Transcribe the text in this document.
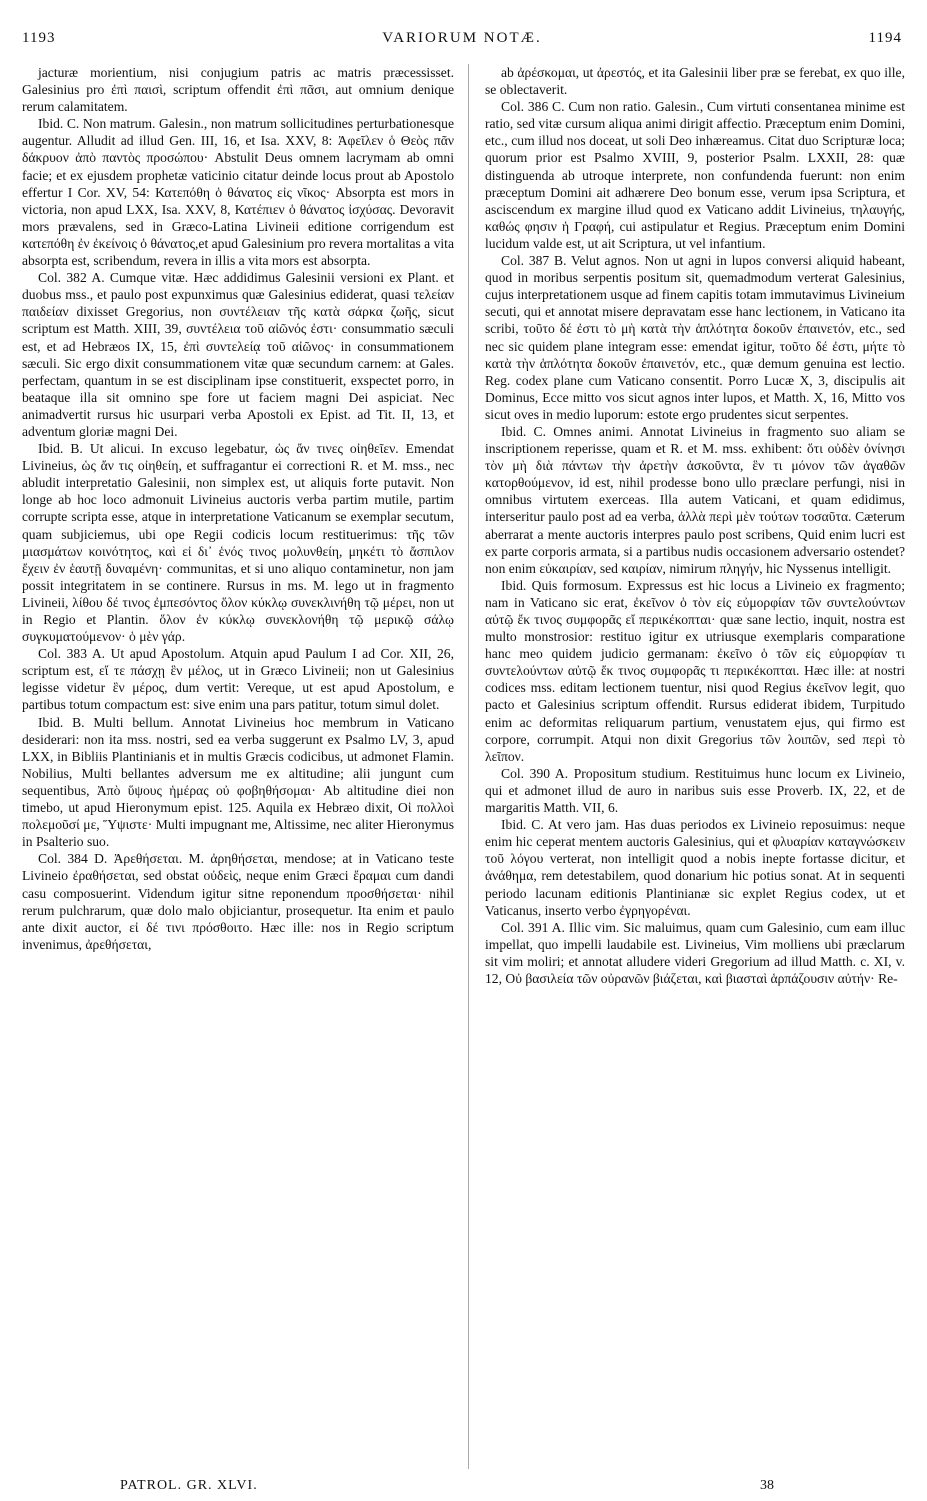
1193	VARIORUM NOTÆ.	1194

jacturæ morientium, nisi conjugium patris ac matris præcessisset. Galesinius pro ἐπὶ παισὶ, scriptum offendit ἐπὶ πᾶσι, aut omnium denique rerum calamitatem.

Ibid. C. Non matrum. Galesin., non matrum sollicitudines perturbationesque augentur. Alludit ad illud Gen. III, 16, et Isa. XXV, 8: Ἀφεῖλεν ὁ Θεὸς πᾶν δάκρυον ἀπὸ παντὸς προσώπου· Abstulit Deus omnem lacrymam ab omni facie; et ex ejusdem prophetæ vaticinio citatur deinde locus prout ab Apostolo effertur I Cor. XV, 54: Κατεπόθη ὁ θάνατος εἰς νῖκος· Absorpta est mors in victoria, non apud LXX, Isa. XXV, 8, Κατέπιεν ὁ θάνατος ἰσχύσας. Devoravit mors prævalens, sed in Græco-Latina Livineii editione corrigendum est κατεπόθη ἐν ἐκείνοις ὁ θάνατος,et apud Galesinium pro revera mortalitas a vita absorpta est, scribendum, revera in illis a vita mors est absorpta.

Col. 382 A. Cumque vitæ. Hæc addidimus Galesinii versioni ex Plant. et duobus mss., et paulo post expunximus quæ Galesinius ediderat, quasi τελείαν παιδείαν dixisset Gregorius, non συντέλειαν τῆς κατὰ σάρκα ζωῆς, sicut scriptum est Matth. XIII, 39, συντέλεια τοῦ αἰῶνός ἐστι· consummatio sæculi est, et ad Hebræos IX, 15, ἐπὶ συντελείᾳ τοῦ αἰῶνος· in consummationem sæculi. Sic ergo dixit consummationem vitæ quæ secundum carnem: at Gales. perfectam, quantum in se est disciplinam ipse constituerit, exspectet porro, in beataque illa sit omnino spe fore ut faciem magni Dei aspiciat. Nec animadvertit rursus hic usurpari verba Apostoli ex Epist. ad Tit. II, 13, et adventum gloriæ magni Dei.

Ibid. B. Ut alicui. In excuso legebatur, ὡς ἄν τινες οἰηθεῖεν. Emendat Livineius, ὡς ἄν τις οἰηθείη, et suffragantur ei correctioni R. et M. mss., nec abludit interpretatio Galesinii, non simplex est, ut aliquis forte putavit. Non longe ab hoc loco admonuit Livineius auctoris verba partim mutile, partim corrupte scripta esse, atque in interpretatione Vaticanum se exemplar secutum, quam subjiciemus, ubi ope Regii codicis locum restituerimus: τῆς τῶν μιασμάτων κοινότητος, καὶ εἰ δι᾽ ἑνός τινος μολυνθείη, μηκέτι τὸ ἄσπιλον ἔχειν ἐν ἑαυτῇ δυναμένη· communitas, et si uno aliquo contaminetur, non jam possit integritatem in se continere. Rursus in ms. M. lego ut in fragmento Livineii, λίθου δέ τινος ἐμπεσόντος ὅλον κύκλῳ συνεκλινήθη τῷ μέρει, non ut in Regio et Plantin. ὅλον ἐν κύκλῳ συνεκλονήθη τῷ μερικῷ σάλῳ συγκυματούμενον· ὁ μὲν γάρ.

Col. 383 A. Ut apud Apostolum. Atquin apud Paulum I ad Cor. XII, 26, scriptum est, εἴ τε πάσχῃ ἓν μέλος, ut in Græco Livineii; non ut Galesinius legisse videtur ἓν μέρος, dum vertit: Vereque, ut est apud Apostolum, e partibus totum compactum est: sive enim una pars patitur, totum simul dolet.

Ibid. B. Multi bellum. Annotat Livineius hoc membrum in Vaticano desiderari: non ita mss. nostri, sed ea verba suggerunt ex Psalmo LV, 3, apud LXX, in Bibliis Plantinianis et in multis Græcis codicibus, ut admonet Flamin. Nobilius, Multi bellantes adversum me ex altitudine; alii jungunt cum sequentibus, Ἀπὸ ὕψους ἡμέρας οὐ φοβηθήσομαι· Ab altitudine diei non timebo, ut apud Hieronymum epist. 125. Aquila ex Hebræo dixit, Οἱ πολλοὶ πολεμοῦσί με, Ὕψιστε· Multi impugnant me, Altissime, nec aliter Hieronymus in Psalterio suo.

Col. 384 D. Ἀρεθήσεται. M. ἀρηθήσεται, mendose; at in Vaticano teste Livineio ἐραθήσεται, sed obstat οὐδεὶς, neque enim Græci ἔραμαι cum dandi casu composuerint. Videndum igitur sitne reponendum προσθήσεται· nihil rerum pulchrarum, quæ dolo malo objiciantur, prosequetur. Ita enim et paulo ante dixit auctor, εἰ δέ τινι πρόσθοιτο. Hæc ille: nos in Regio scriptum invenimus, ἀρεθήσεται,

ab ἀρέσκομαι, ut ἀρεστός, et ita Galesinii liber præ se ferebat, ex quo ille, se oblectaverit.

Col. 386 C. Cum non ratio. Galesin., Cum virtuti consentanea minime est ratio, sed vitæ cursum aliqua animi dirigit affectio. Præceptum enim Domini, etc., cum illud nos doceat, ut soli Deo inhæreamus. Citat duo Scripturæ loca; quorum prior est Psalmo XVIII, 9, posterior Psalm. LXXII, 28: quæ distinguenda ab utroque interprete, non confundenda fuerunt: non enim præceptum Domini ait adhærere Deo bonum esse, verum ipsa Scriptura, et asciscendum ex margine illud quod ex Vaticano addit Livineius, τηλαυγής, καθώς φησιν ἡ Γραφή, cui astipulatur et Regius. Præceptum enim Domini lucidum valde est, ut ait Scriptura, ut vel infantium.

Col. 387 B. Velut agnos. Non ut agni in lupos conversi aliquid habeant, quod in moribus serpentis positum sit, quemadmodum verterat Galesinius, cujus interpretationem usque ad finem capitis totam immutavimus Livineium secuti, qui et annotat misere depravatam esse hanc lectionem, in Vaticano ita scribi, τοῦτο δέ ἐστι τὸ μὴ κατὰ τὴν ἁπλότητα δοκοῦν ἐπαινετόν, etc., sed nec sic quidem plane integram esse: emendat igitur, τοῦτο δέ ἐστι, μήτε τὸ κατὰ τὴν ἁπλότητα δοκοῦν ἐπαινετόν, etc., quæ demum genuina est lectio. Reg. codex plane cum Vaticano consentit. Porro Lucæ X, 3, discipulis ait Dominus, Ecce mitto vos sicut agnos inter lupos, et Matth. X, 16, Mitto vos sicut oves in medio luporum: estote ergo prudentes sicut serpentes.

Ibid. C. Omnes animi. Annotat Livineius in fragmento suo aliam se inscriptionem reperisse, quam et R. et M. mss. exhibent: ὅτι οὐδὲν ὀνίνησι τὸν μὴ διὰ πάντων τὴν ἀρετὴν ἀσκοῦντα, ἓν τι μόνον τῶν ἀγαθῶν κατορθούμενον, id est, nihil prodesse bono ullo præclare perfungi, nisi in omnibus virtutem exerceas. Illa autem Vaticani, et quam edidimus, interseritur paulo post ad ea verba, ἀλλὰ περὶ μὲν τούτων τοσαῦτα. Cæterum aberrarat a mente auctoris interpres paulo post scribens, Quid enim lucri est ex parte corporis armata, si a partibus nudis occasionem adversario ostendet? non enim εὐκαιρίαν, sed καιρίαν, nimirum πληγήν, hic Nyssenus intelligit.

Ibid. Quis formosum. Expressus est hic locus a Livineio ex fragmento; nam in Vaticano sic erat, ἐκεῖνον ὁ τὸν εἰς εὐμορφίαν τῶν συντελούντων αὐτῷ ἔκ τινος συμφορᾶς εἴ περικέκοπται· quæ sane lectio, inquit, nostra est multo monstrosior: restituo igitur ex utriusque exemplaris comparatione hanc meo quidem judicio germanam: ἐκεῖνο ὁ τῶν εἰς εὐμορφίαν τι συντελούντων αὐτῷ ἔκ τινος συμφορᾶς τι περικέκοπται. Hæc ille: at nostri codices mss. editam lectionem tuentur, nisi quod Regius ἐκεῖνον legit, quo pacto et Galesinius scriptum offendit. Rursus ediderat ibidem, Turpitudo enim ac deformitas reliquarum partium, venustatem ejus, qui firmo est corpore, corrumpit. Atqui non dixit Gregorius τῶν λοιπῶν, sed περὶ τὸ λεῖπον.

Col. 390 A. Propositum studium. Restituimus hunc locum ex Livineio, qui et admonet illud de auro in naribus suis esse Proverb. IX, 22, et de margaritis Matth. VII, 6.

Ibid. C. At vero jam. Has duas periodos ex Livineio reposuimus: neque enim hic ceperat mentem auctoris Galesinius, qui et φλυαρίαν καταγνώσκειν τοῦ λόγου verterat, non intelligit quod a nobis inepte fortasse dicitur, et ἀνάθημα, rem detestabilem, quod donarium hic potius sonat. At in sequenti periodo lacunam editionis Plantinianæ sic explet Regius codex, ut et Vaticanus, inserto verbo ἐγρηγορέναι.

Col. 391 A. Illic vim. Sic maluimus, quam cum Galesinio, cum eam illuc impellat, quo impelli laudabile est. Livineius, Vim molliens ubi præclarum sit vim moliri; et annotat alludere videri Gregorium ad illud Matth. c. XI, v. 12, Οὐ βασιλεία τῶν οὐρανῶν βιάζεται, καὶ βιασταὶ ἁρπάζουσιν αὐτήν· Re-

PATROL. GR. XLVI.	38
